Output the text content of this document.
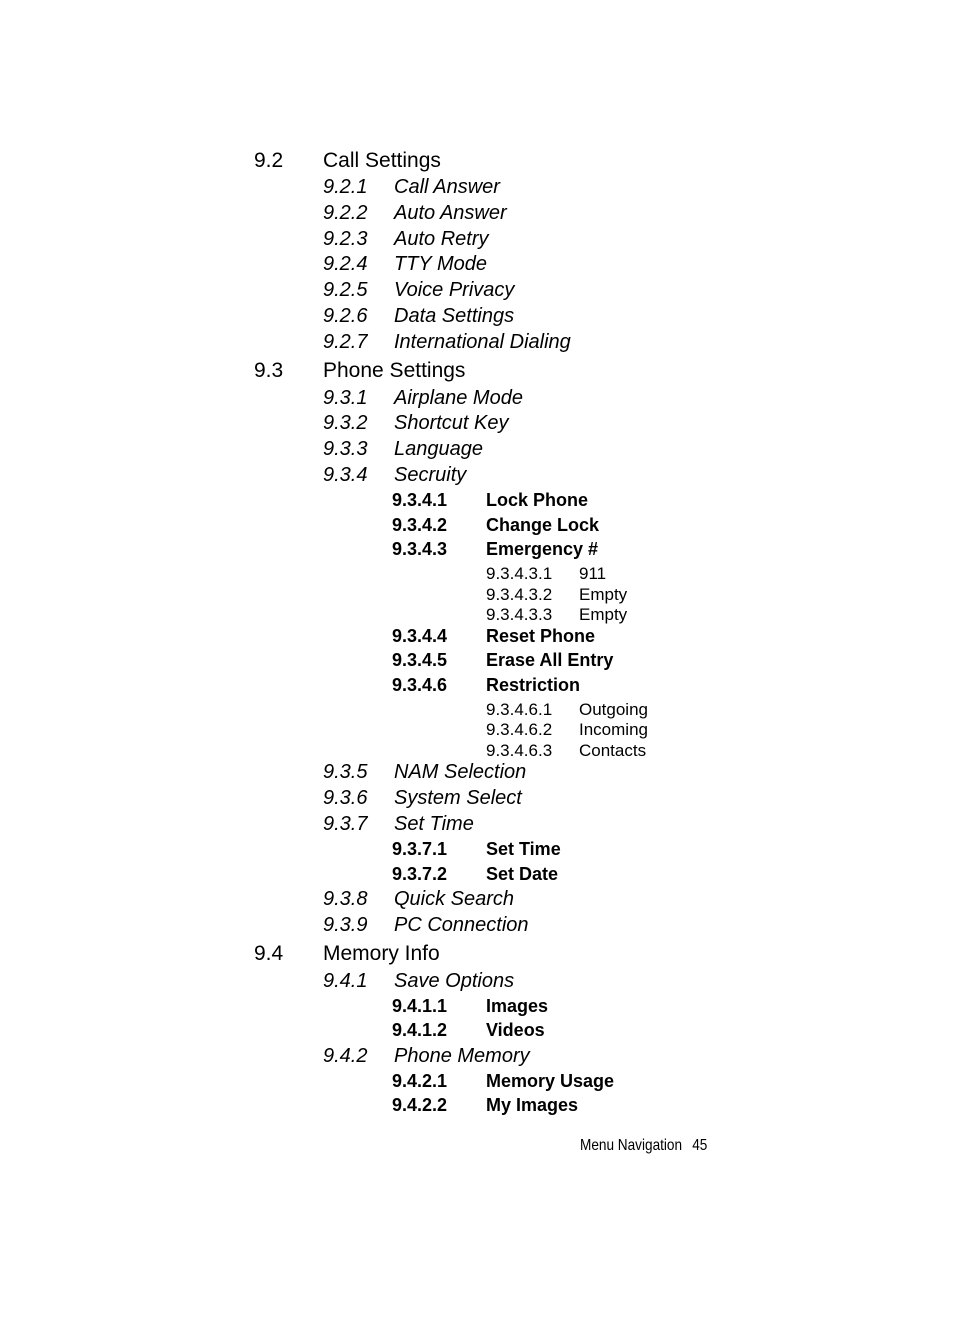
9.2 Call Settings
9.2.1 Call Answer
9.2.2 Auto Answer
9.2.3 Auto Retry
9.2.4 TTY Mode
9.2.5 Voice Privacy
9.2.6 Data Settings
9.2.7 International Dialing
9.3 Phone Settings
9.3.1 Airplane Mode
9.3.2 Shortcut Key
9.3.3 Language
9.3.4 Secruity
9.3.4.1 Lock Phone
9.3.4.2 Change Lock
9.3.4.3 Emergency #
9.3.4.3.1 911
9.3.4.3.2 Empty
9.3.4.3.3 Empty
9.3.4.4 Reset Phone
9.3.4.5 Erase All Entry
9.3.4.6 Restriction
9.3.4.6.1 Outgoing
9.3.4.6.2 Incoming
9.3.4.6.3 Contacts
9.3.5 NAM Selection
9.3.6 System Select
9.3.7 Set Time
9.3.7.1 Set Time
9.3.7.2 Set Date
9.3.8 Quick Search
9.3.9 PC Connection
9.4 Memory Info
9.4.1 Save Options
9.4.1.1 Images
9.4.1.2 Videos
9.4.2 Phone Memory
9.4.2.1 Memory Usage
9.4.2.2 My Images
Menu Navigation 45
